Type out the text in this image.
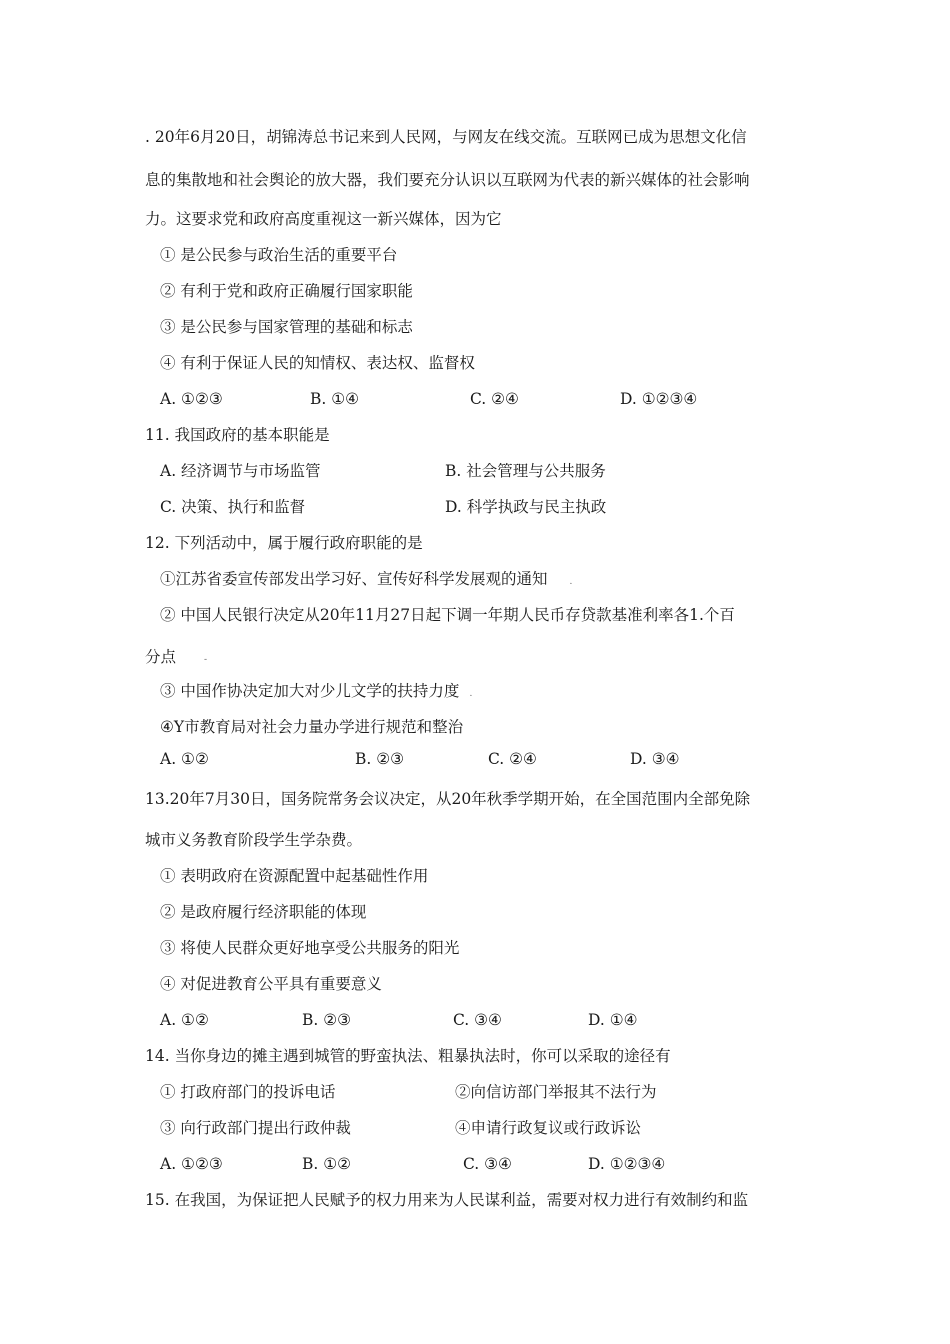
. 20年6月20日，胡锦涛总书记来到人民网，与网友在线交流。互联网已成为思想文化信
息的集散地和社会舆论的放大器，我们要充分认识以互联网为代表的新兴媒体的社会影响
力。这要求党和政府高度重视这一新兴媒体，因为它
① 是公民参与政治生活的重要平台
② 有利于党和政府正确履行国家职能
③ 是公民参与国家管理的基础和标志
④ 有利于保证人民的知情权、表达权、监督权
A. ①②③	B. ①④	C. ②④	D. ①②③④
11. 我国政府的基本职能是
A. 经济调节与市场监管	B. 社会管理与公共服务
C. 决策、执行和监督	D. 科学执政与民主执政
12. 下列活动中，属于履行政府职能的是
①江苏省委宣传部发出学习好、宣传好科学发展观的通知 .
② 中国人民银行决定从20年11月27日起下调一年期人民币存贷款基准利率各1.个百
分点	-
③ 中国作协决定加大对少儿文学的扶持力度 .
④Y市教育局对社会力量办学进行规范和整治
A. ①②	B. ②③	C. ②④	D. ③④
13.20年7月30日，国务院常务会议决定，从20年秋季学期开始，在全国范围内全部免除
城市义务教育阶段学生学杂费。
① 表明政府在资源配置中起基础性作用
② 是政府履行经济职能的体现
③ 将使人民群众更好地享受公共服务的阳光
④ 对促进教育公平具有重要意义
A. ①②	B. ②③	C. ③④	D. ①④
14. 当你身边的摊主遇到城管的野蛮执法、粗暴执法时，你可以采取的途径有
① 打政府部门的投诉电话	②向信访部门举报其不法行为
③ 向行政部门提出行政仲裁	④申请行政复议或行政诉讼
A. ①②③	B. ①②	C. ③④	D. ①②③④
15. 在我国，为保证把人民赋予的权力用来为人民谋利益，需要对权力进行有效制约和监
